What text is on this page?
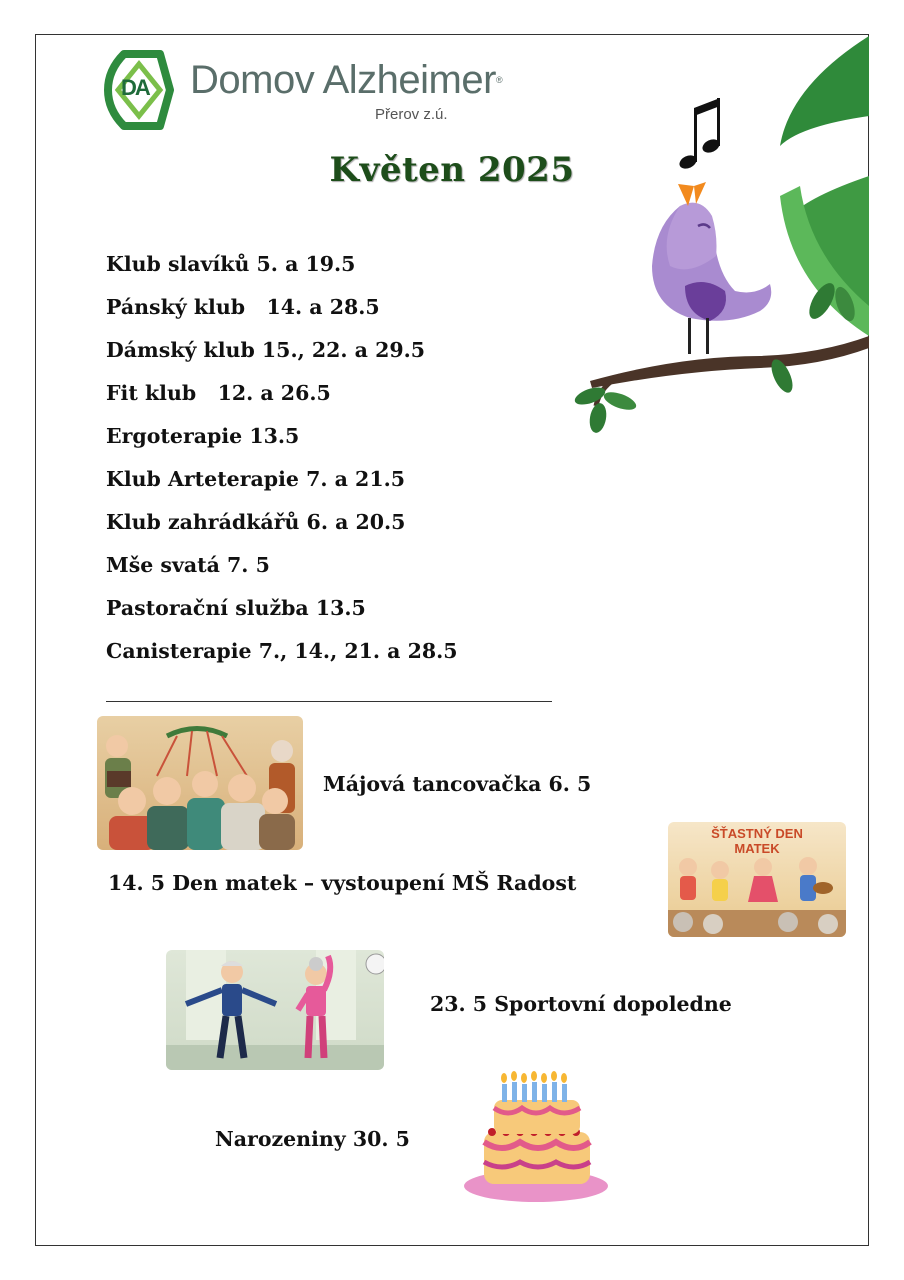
DA Domov Alzheimer®
Přerov z.ú.
Květen 2025
Klub slavíků 5. a 19.5
Pánský klub   14. a 28.5
Dámský klub 15., 22. a 29.5
Fit klub   12. a 26.5
Ergoterapie 13.5
Klub Arteterapie 7. a 21.5
Klub zahrádkářů 6. a 20.5
Mše svatá 7. 5
Pastorační služba 13.5
Canisterapie 7., 14., 21. a 28.5
Májová tancovačka 6. 5
14. 5 Den matek – vystoupení MŠ Radost
ŠŤASTNÝ DEN MATEK
23. 5 Sportovní dopoledne
Narozeniny 30. 5
